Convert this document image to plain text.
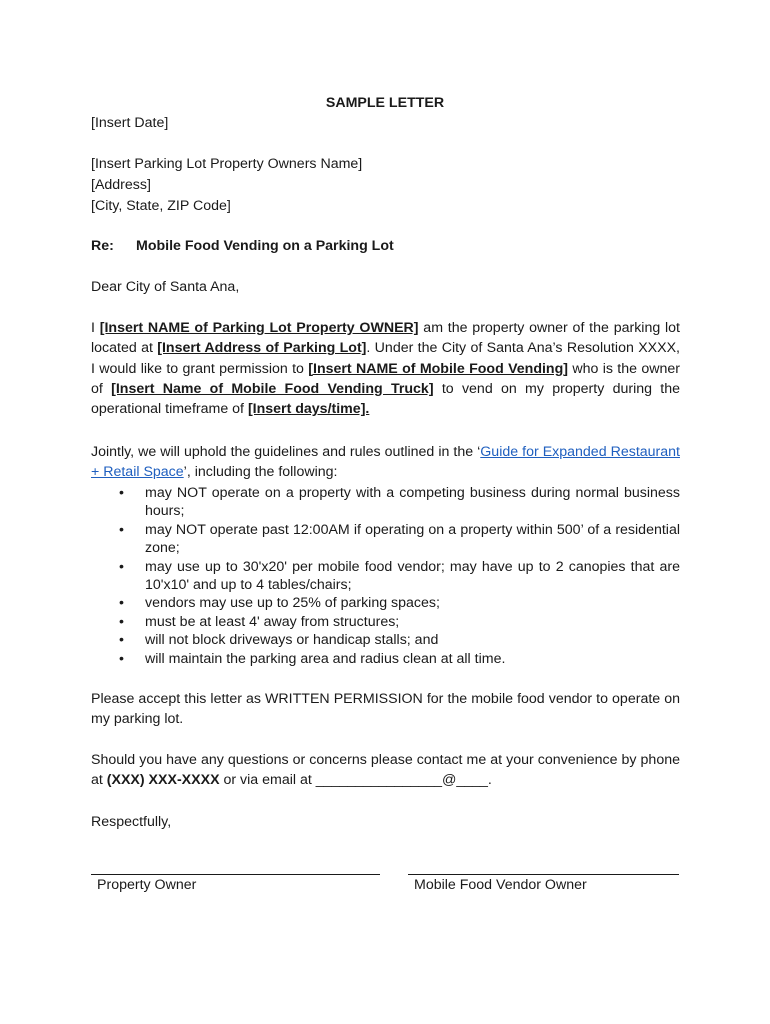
SAMPLE LETTER
[Insert Date]
[Insert Parking Lot Property Owners Name]
[Address]
[City, State, ZIP Code]
Re: Mobile Food Vending on a Parking Lot
Dear City of Santa Ana,
I [Insert NAME of Parking Lot Property OWNER] am the property owner of the parking lot located at [Insert Address of Parking Lot]. Under the City of Santa Ana’s Resolution XXXX, I would like to grant permission to [Insert NAME of Mobile Food Vending] who is the owner of [Insert Name of Mobile Food Vending Truck] to vend on my property during the operational timeframe of [Insert days/time].
Jointly, we will uphold the guidelines and rules outlined in the ‘Guide for Expanded Restaurant + Retail Space’, including the following:
• may NOT operate on a property with a competing business during normal business hours;
• may NOT operate past 12:00AM if operating on a property within 500’ of a residential zone;
• may use up to 30'x20' per mobile food vendor; may have up to 2 canopies that are 10'x10' and up to 4 tables/chairs;
• vendors may use up to 25% of parking spaces;
• must be at least 4' away from structures;
• will not block driveways or handicap stalls; and
• will maintain the parking area and radius clean at all time.
Please accept this letter as WRITTEN PERMISSION for the mobile food vendor to operate on my parking lot.
Should you have any questions or concerns please contact me at your convenience by phone at (XXX) XXX-XXXX or via email at ________________@____.
Respectfully,
Property Owner	Mobile Food Vendor Owner
